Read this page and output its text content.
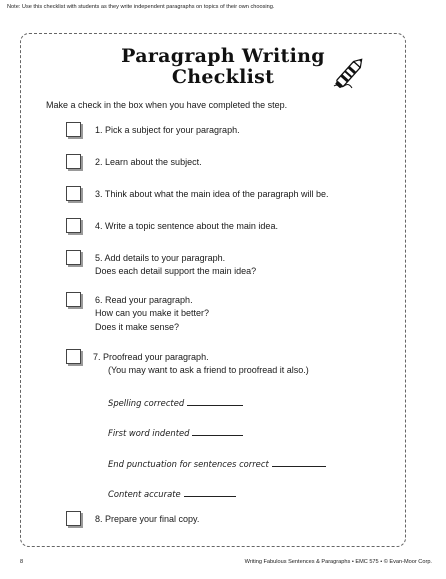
Note: Use this checklist with students as they write independent paragraphs on topics of their own choosing.
Paragraph Writing
Checklist
Make a check in the box when you have completed the step.
1. Pick a subject for your paragraph.
2. Learn about the subject.
3. Think about what the main idea of the paragraph will be.
4. Write a topic sentence about the main idea.
5. Add details to your paragraph.
Does each detail support the main idea?
6. Read your paragraph.
How can you make it better?
Does it make sense?
7. Proofread your paragraph.
(You may want to ask a friend to proofread it also.)
Spelling corrected
First word indented
End punctuation for sentences correct
Content accurate
8. Prepare your final copy.
8	Writing Fabulous Sentences & Paragraphs • EMC 575 • © Evan-Moor Corp.
